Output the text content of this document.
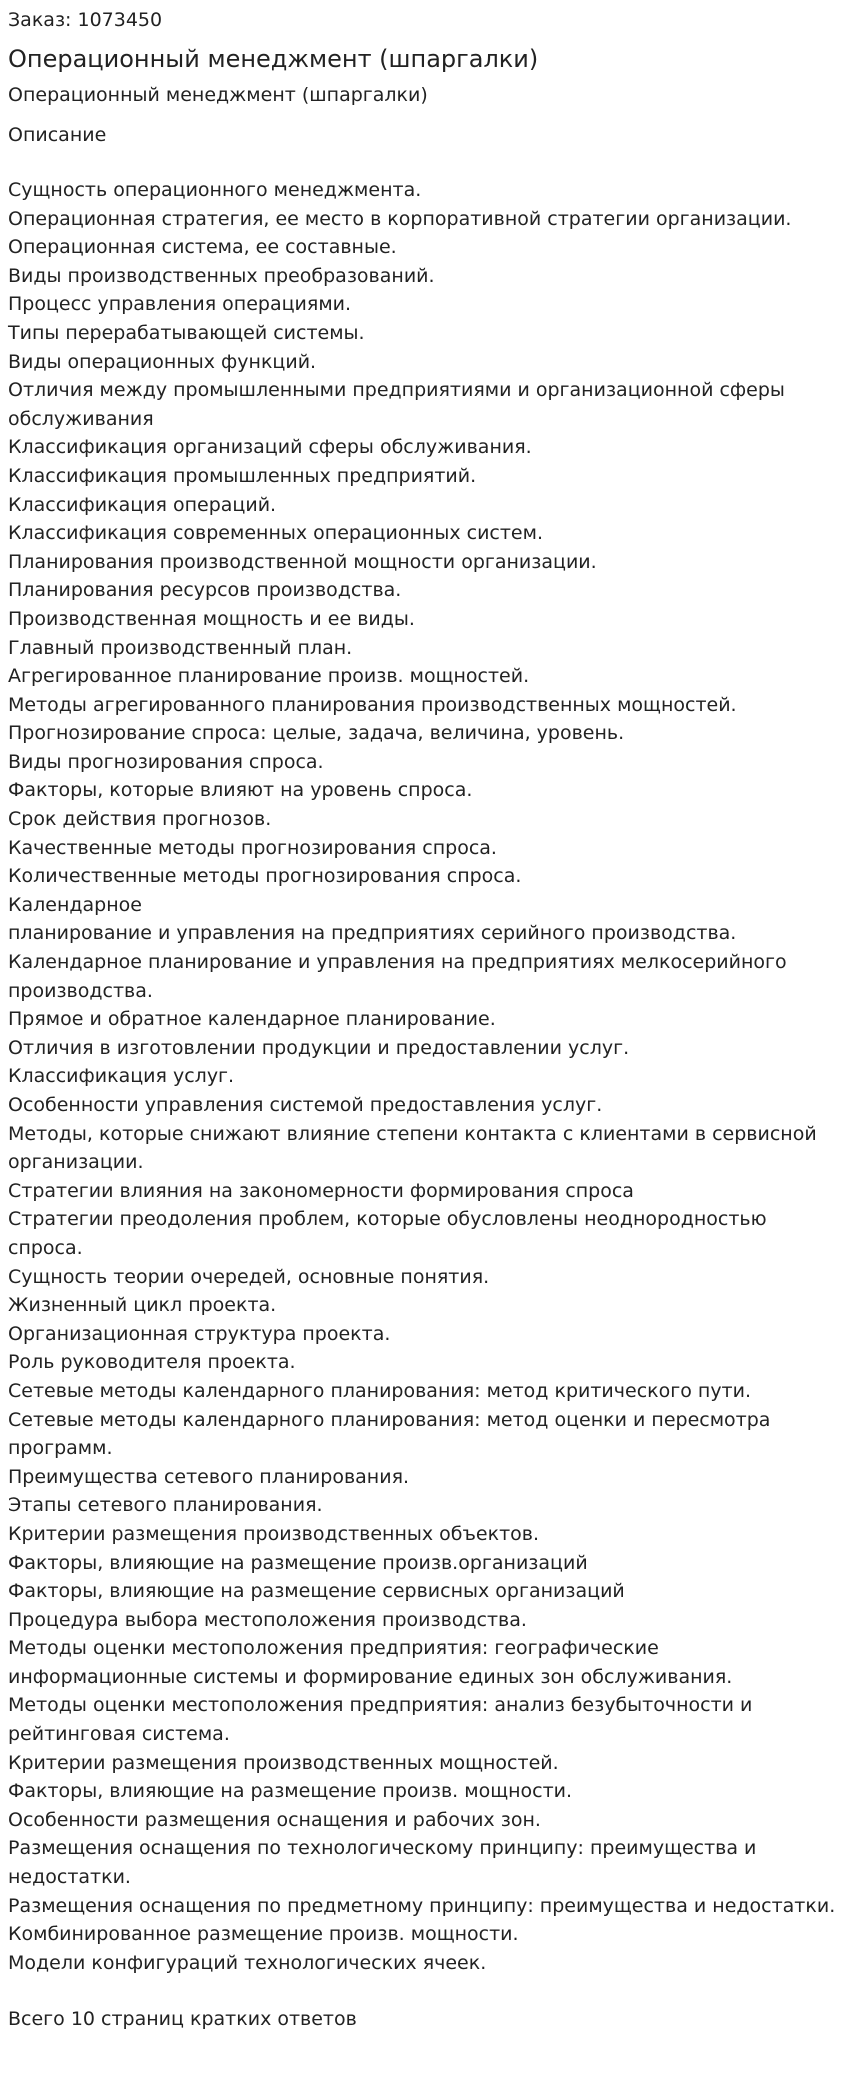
Заказ: 1073450
Операционный менеджмент (шпаргалки)
Операционный менеджмент (шпаргалки)
Описание
Сущность операционного менеджмента.
Операционная стратегия, ее место в корпоративной стратегии организации.
Операционная система, ее составные.
Виды производственных преобразований.
Процесс управления операциями.
Типы перерабатывающей системы.
Виды операционных функций.
Отличия между промышленными предприятиями и организационной сферы обслуживания
Классификация организаций сферы обслуживания.
Классификация промышленных предприятий.
Классификация операций.
Классификация современных операционных систем.
Планирования производственной мощности организации.
Планирования ресурсов производства.
Производственная мощность и ее виды.
Главный производственный план.
Агрегированное планирование произв. мощностей.
Методы агрегированного планирования производственных мощностей.
Прогнозирование спроса: целые, задача, величина, уровень.
Виды прогнозирования спроса.
Факторы, которые влияют на уровень спроса.
Срок действия прогнозов.
Качественные методы прогнозирования спроса.
Количественные методы прогнозирования спроса.
Календарное
планирование и управления на предприятиях серийного производства.
Календарное планирование и управления на предприятиях мелкосерийного производства.
Прямое и обратное календарное планирование.
Отличия в изготовлении продукции и предоставлении услуг.
Классификация услуг.
Особенности управления системой предоставления услуг.
Методы, которые снижают влияние степени контакта с клиентами в сервисной организации.
Стратегии влияния на закономерности формирования спроса
Стратегии преодоления проблем, которые обусловлены неоднородностью спроса.
Сущность теории очередей, основные понятия.
Жизненный цикл проекта.
Организационная структура проекта.
Роль руководителя проекта.
Сетевые методы календарного планирования: метод критического пути.
Сетевые методы календарного планирования: метод оценки и пересмотра программ.
Преимущества сетевого планирования.
Этапы сетевого планирования.
Критерии размещения производственных объектов.
Факторы, влияющие на размещение произв.организаций
Факторы, влияющие на размещение сервисных организаций
Процедура выбора местоположения производства.
Методы оценки местоположения предприятия: географические информационные системы и формирование единых зон обслуживания.
Методы оценки местоположения предприятия: анализ безубыточности и рейтинговая система.
Критерии размещения производственных мощностей.
Факторы, влияющие на размещение произв. мощности.
Особенности размещения оснащения и рабочих зон.
Размещения оснащения по технологическому принципу: преимущества и недостатки.
Размещения оснащения по предметному принципу: преимущества и недостатки.
Комбинированное размещение произв. мощности.
Модели конфигураций технологических ячеек.
Всего 10 страниц кратких ответов
